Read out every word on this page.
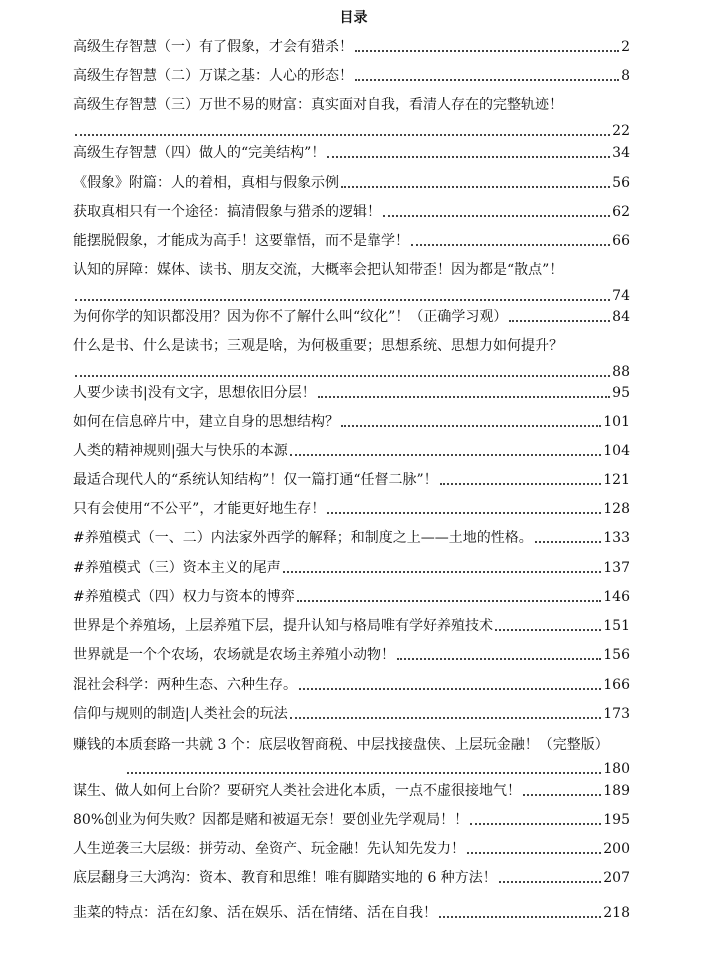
目录
高级生存智慧（一）有了假象，才会有猎杀！	2
高级生存智慧（二）万谋之基：人心的形态！	8
高级生存智慧（三）万世不易的财富：真实面对自我，看清人存在的完整轨迹！
22
高级生存智慧（四）做人的“完美结构”！	34
《假象》附篇：人的着相，真相与假象示例	56
获取真相只有一个途径：搞清假象与猎杀的逻辑！	62
能摆脱假象，才能成为高手！这要靠悟，而不是靠学！	66
认知的屏障：媒体、读书、朋友交流，大概率会把认知带歪！因为都是“散点”！
74
为何你学的知识都没用？因为你不了解什么叫“纹化”！（正确学习观）	84
什么是书、什么是读书；三观是啥，为何极重要；思想系统、思想力如何提升？
88
人要少读书|没有文字，思想依旧分层！	95
如何在信息碎片中，建立自身的思想结构？	101
人类的精神规则|强大与快乐的本源	104
最适合现代人的“系统认知结构”！仅一篇打通“任督二脉”！	121
只有会使用“不公平”，才能更好地生存！	128
#养殖模式（一、二）内法家外西学的解释；和制度之上——土地的性格。	133
#养殖模式（三）资本主义的尾声	137
#养殖模式（四）权力与资本的博弈	146
世界是个养殖场，上层养殖下层，提升认知与格局唯有学好养殖技术	151
世界就是一个个农场，农场就是农场主养殖小动物！	156
混社会科学：两种生态、六种生存。	166
信仰与规则的制造|人类社会的玩法	173
赚钱的本质套路一共就 3 个：底层收智商税、中层找接盘侠、上层玩金融！（完整版）
180
谋生、做人如何上台阶？要研究人类社会进化本质，一点不虚很接地气！	189
80%创业为何失败？因都是赌和被逼无奈！要创业先学观局！！	195
人生逆袭三大层级：拼劳动、垒资产、玩金融！先认知先发力！	200
底层翻身三大鸿沟：资本、教育和思维！唯有脚踏实地的 6 种方法！	207
韭菜的特点：活在幻象、活在娱乐、活在情绪、活在自我！	218
